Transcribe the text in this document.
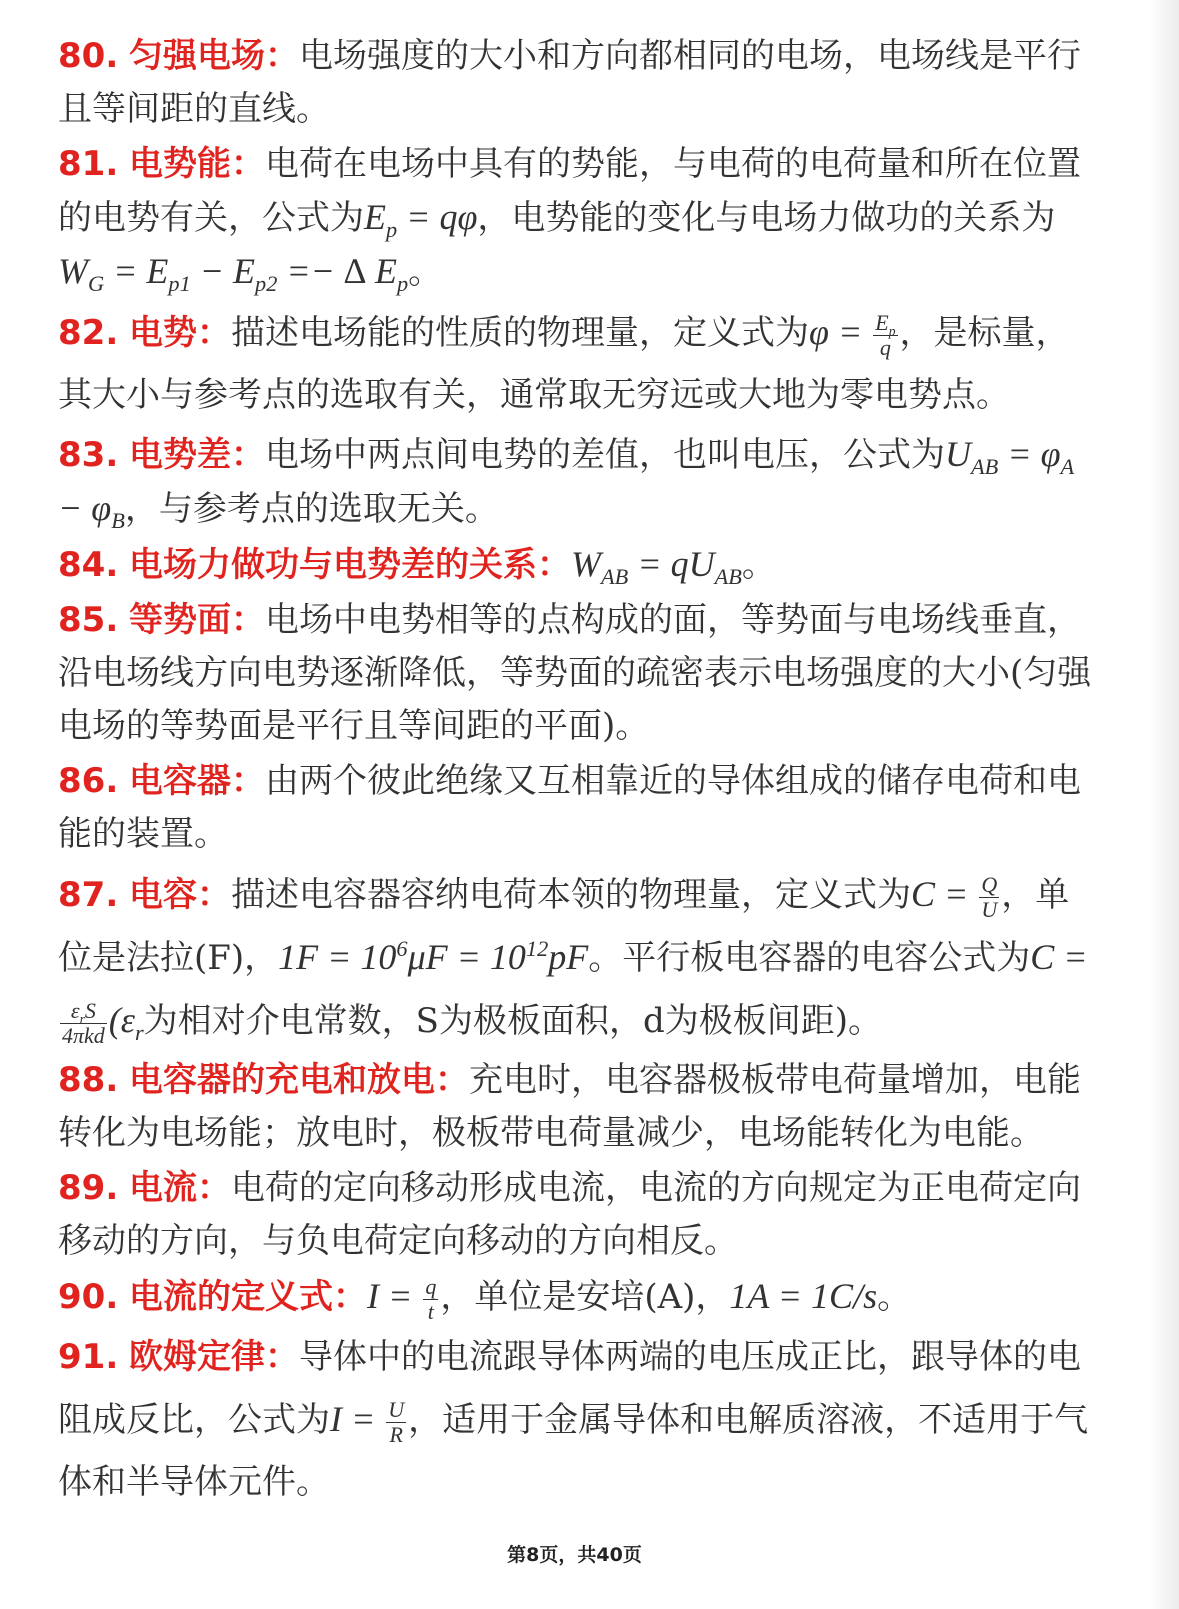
80. 匀强电场：电场强度的大小和方向都相同的电场，电场线是平行且等间距的直线。

81. 电势能：电荷在电场中具有的势能，与电荷的电荷量和所在位置的电势有关，公式为$E_p = q\varphi$，电势能的变化与电场力做功的关系为$W_G = E_{p1} - E_{p2}$ =− ∆ $E_p$。

82. 电势：描述电场能的性质的物理量，定义式为$\varphi = \frac{E_p}{q}$ ，是标量，其大小与参考点的选取有关，通常取无穷远或大地为零电势点。

83. 电势差：电场中两点间电势的差值，也叫电压，公式为$U_{AB} = \varphi_A - \varphi_B$，与参考点的选取无关。

84. 电场力做功与电势差的关系：$W_{AB} = qU_{AB}$。

85. 等势面：电场中电势相等的点构成的面，等势面与电场线垂直，沿电场线方向电势逐渐降低，等势面的疏密表示电场强度的大小(匀强电场的等势面是平行且等间距的平面)。

86. 电容器：由两个彼此绝缘又互相靠近的导体组成的储存电荷和电能的装置。

87. 电容：描述电容器容纳电荷本领的物理量，定义式为$C = \frac{Q}{U}$ ，单位是法拉(F)，$1F = 10^6\mu F = 10^{12}pF$。平行板电容器的电容公式为C =

$\frac{\varepsilon_rS}{\text{4πkd}} (\varepsilon_r$为相对介电常数，S为极板面积，d为极板间距)。

88. 电容器的充电和放电：充电时，电容器极板带电荷量增加，电能转化为电场能；放电时，极板带电荷量减少，电场能转化为电能。

89. 电流：电荷的定向移动形成电流，电流的方向规定为正电荷定向移动的方向，与负电荷定向移动的方向相反。

90. 电流的定义式：$I = \frac{q}{t}$ ，单位是安培(A)，1A = 1C/s。

91. 欧姆定律：导体中的电流跟导体两端的电压成正比，跟导体的电阻成反比，公式为$I = \frac{U}{R}$ ，适用于金属导体和电解质溶液，不适用于气体和半导体元件。

第8页，共40页
